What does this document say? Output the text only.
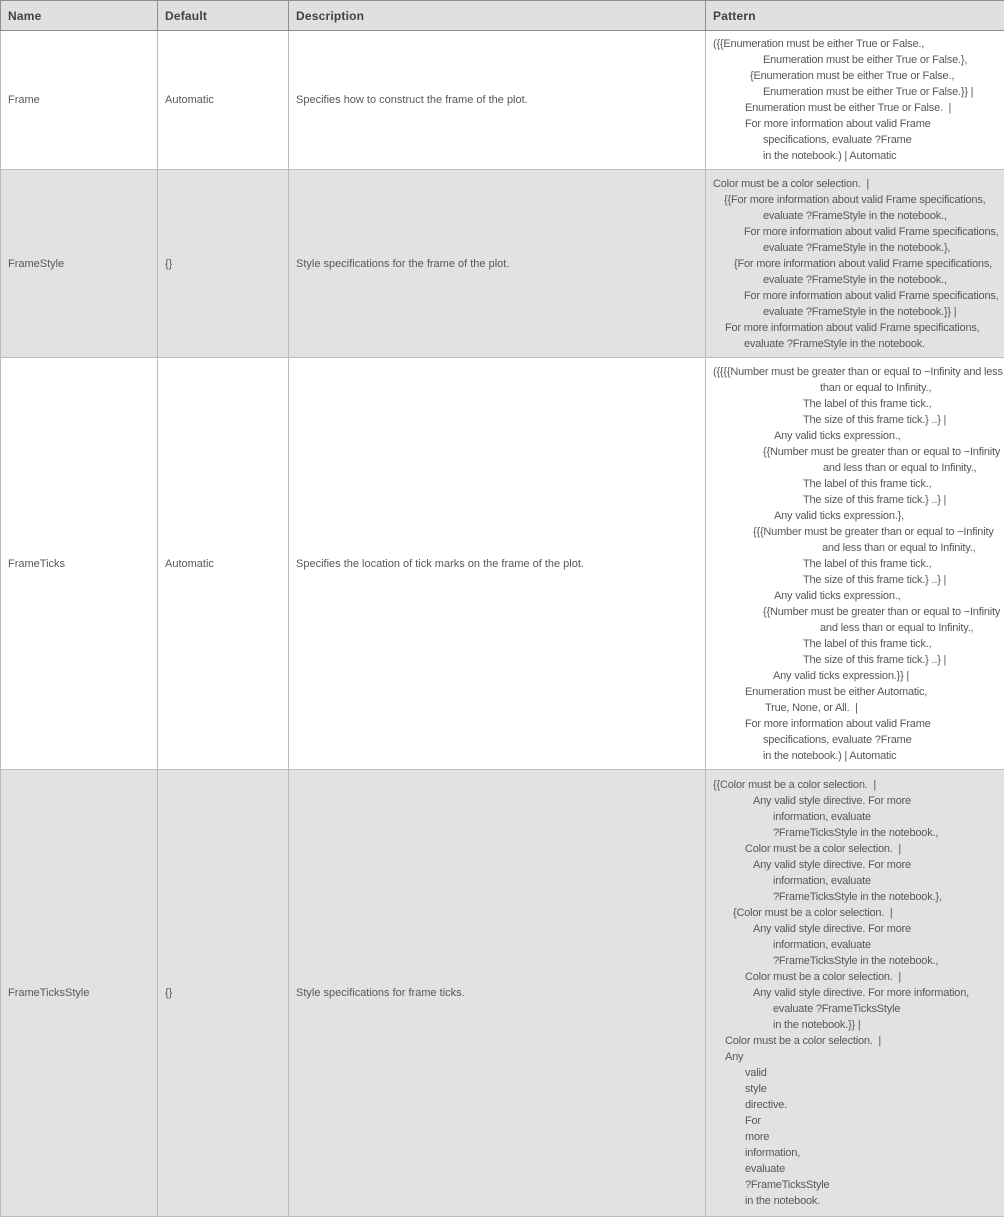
Name	Default	Description	Pattern
Frame	Automatic	Specifies how to construct the frame of the plot.	
({{Enumeration must be either True or False.,
Enumeration must be either True or False.},
{Enumeration must be either True or False.,
Enumeration must be either True or False.}} |
Enumeration must be either True or False.  |
For more information about valid Frame
specifications, evaluate ?Frame
in the notebook.) | Automatic

FrameStyle	{}	Style specifications for the frame of the plot.	
Color must be a color selection.  |
{{For more information about valid Frame specifications,
evaluate ?FrameStyle in the notebook.,
For more information about valid Frame specifications,
evaluate ?FrameStyle in the notebook.},
{For more information about valid Frame specifications,
evaluate ?FrameStyle in the notebook.,
For more information about valid Frame specifications,
evaluate ?FrameStyle in the notebook.}} |
For more information about valid Frame specifications,
evaluate ?FrameStyle in the notebook.

FrameTicks	Automatic	Specifies the location of tick marks on the frame of the plot.	
({{{{Number must be greater than or equal to −Infinity and less
than or equal to Infinity.,
The label of this frame tick.,
The size of this frame tick.} ..} |
Any valid ticks expression.,
{{Number must be greater than or equal to −Infinity
and less than or equal to Infinity.,
The label of this frame tick.,
The size of this frame tick.} ..} |
Any valid ticks expression.},
{{{Number must be greater than or equal to −Infinity
and less than or equal to Infinity.,
The label of this frame tick.,
The size of this frame tick.} ..} |
Any valid ticks expression.,
{{Number must be greater than or equal to −Infinity
and less than or equal to Infinity.,
The label of this frame tick.,
The size of this frame tick.} ..} |
Any valid ticks expression.}} |
Enumeration must be either Automatic,
True, None, or All.  |
For more information about valid Frame
specifications, evaluate ?Frame
in the notebook.) | Automatic

FrameTicksStyle	{}	Style specifications for frame ticks.	
{{Color must be a color selection.  |
Any valid style directive. For more
information, evaluate
?FrameTicksStyle in the notebook.,
Color must be a color selection.  |
Any valid style directive. For more
information, evaluate
?FrameTicksStyle in the notebook.},
{Color must be a color selection.  |
Any valid style directive. For more
information, evaluate
?FrameTicksStyle in the notebook.,
Color must be a color selection.  |
Any valid style directive. For more information,
evaluate ?FrameTicksStyle
in the notebook.}} |
Color must be a color selection.  |
Any
valid
style
directive.
For
more
information,
evaluate
?FrameTicksStyle
in the notebook.
